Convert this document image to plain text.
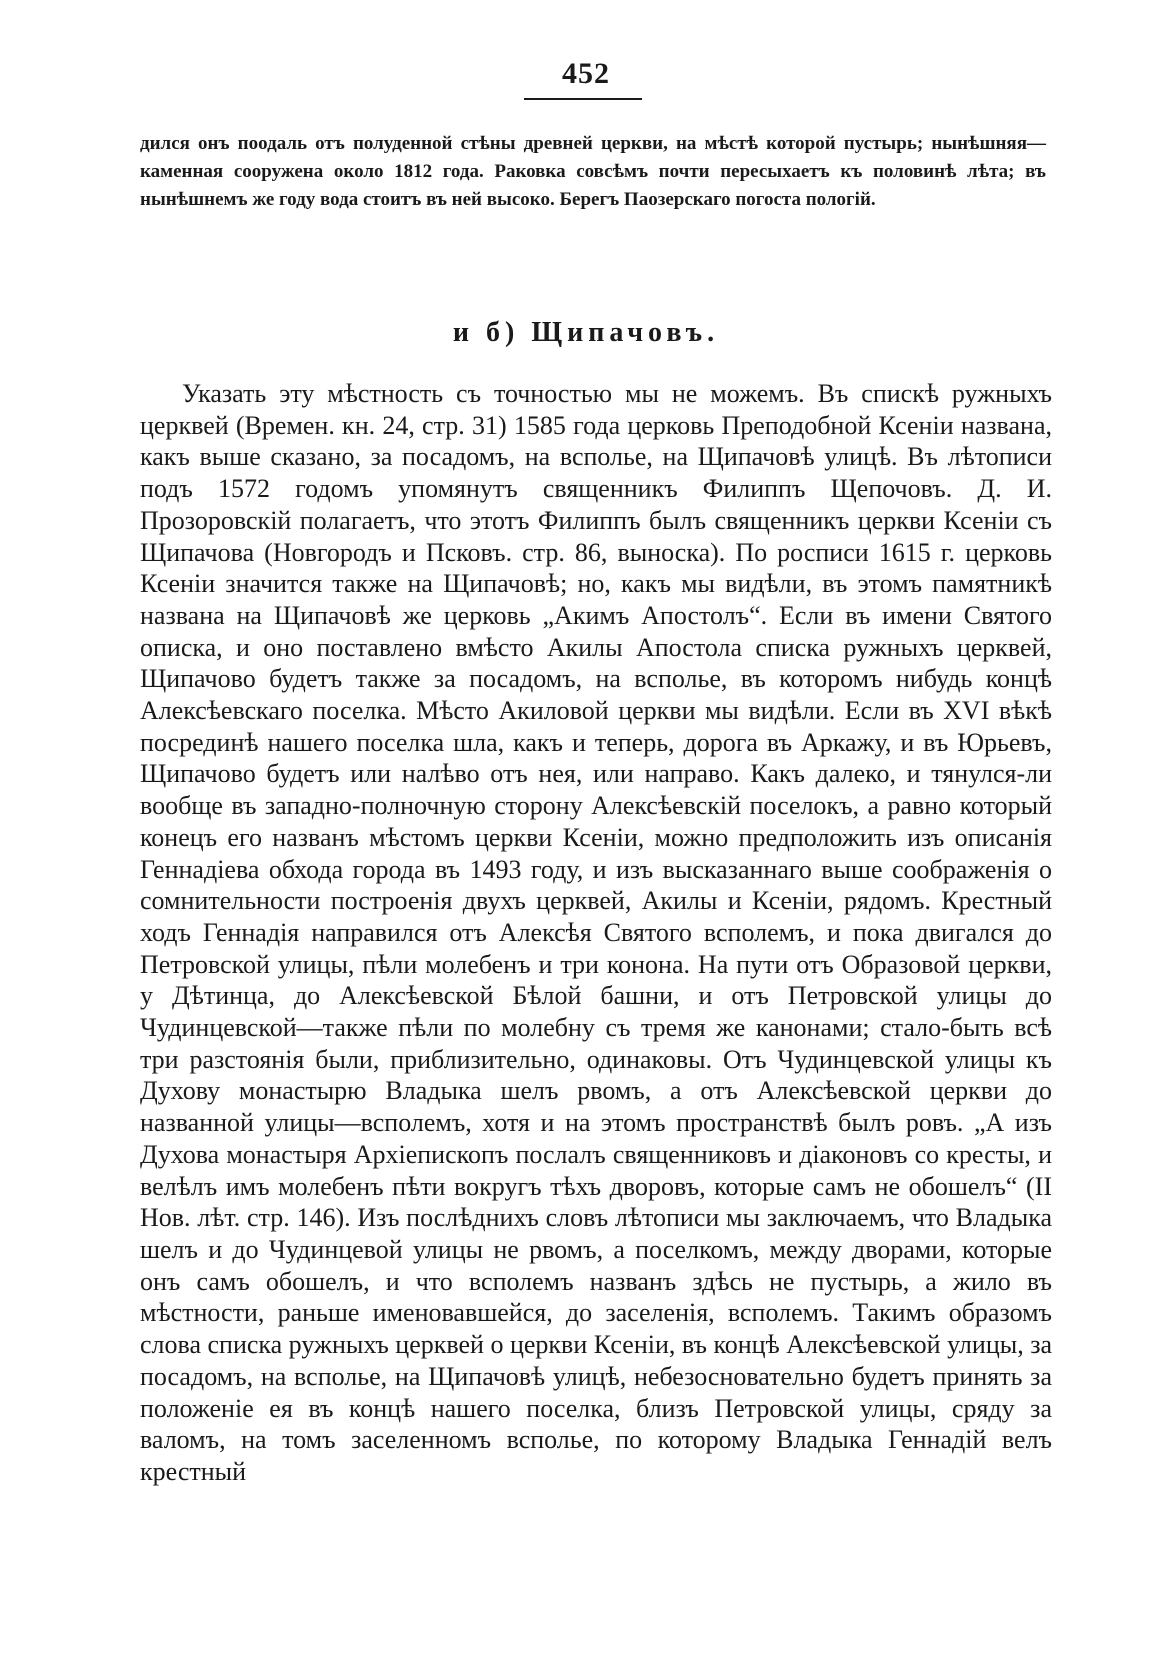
452

дился онъ поодаль отъ полуденной стѣны древней церкви, на мѣстѣ которой пустырь; нынѣшняя—каменная сооружена около 1812 года. Раковка совсѣмъ почти пересыхаетъ къ половинѣ лѣта; въ нынѣшнемъ же году вода стоитъ въ ней высоко. Берегъ Паозерскаго погоста пологій.

и б) Щипачовъ.

Указать эту мѣстность съ точностью мы не можемъ. Въ спискѣ ружныхъ церквей (Времен. кн. 24, стр. 31) 1585 года церковь Преподобной Ксеніи названа, какъ выше сказано, за посадомъ, на всполье, на Щипачовѣ улицѣ. Въ лѣтописи подъ 1572 годомъ упомянутъ священникъ Филиппъ Щепочовъ. Д. И. Прозоровскій полагаетъ, что этотъ Филиппъ былъ священникъ церкви Ксеніи съ Щипачова (Новгородъ и Псковъ. стр. 86, выноска). По росписи 1615 г. церковь Ксеніи значится также на Щипачовѣ; но, какъ мы видѣли, въ этомъ памятникѣ названа на Щипачовѣ же церковь „Акимъ Апостолъ“. Если въ имени Святого описка, и оно поставлено вмѣсто Акилы Апостола списка ружныхъ церквей, Щипачово будетъ также за посадомъ, на всполье, въ которомъ нибудь концѣ Алексѣевскаго поселка. Мѣсто Акиловой церкви мы видѣли. Если въ XVI вѣкѣ посрединѣ нашего поселка шла, какъ и теперь, дорога въ Аркажу, и въ Юрьевъ, Щипачово будетъ или налѣво отъ нея, или направо. Какъ далеко, и тянулся-ли вообще въ западно-полночную сторону Алексѣевскій поселокъ, а равно который конецъ его названъ мѣстомъ церкви Ксеніи, можно предположить изъ описанія Геннадіева обхода города въ 1493 году, и изъ высказаннаго выше соображенія о сомнительности построенія двухъ церквей, Акилы и Ксеніи, рядомъ. Крестный ходъ Геннадія направился отъ Алексѣя Святого всполемъ, и пока двигался до Петровской улицы, пѣли молебенъ и три конона. На пути отъ Образовой церкви, у Дѣтинца, до Алексѣевской Бѣлой башни, и отъ Петровской улицы до Чудинцевской—также пѣли по молебну съ тремя же канонами; стало-быть всѣ три разстоянія были, приблизительно, одинаковы. Отъ Чудинцевской улицы къ Духову монастырю Владыка шелъ рвомъ, а отъ Алексѣевской церкви до названной улицы—всполемъ, хотя и на этомъ пространствѣ былъ ровъ. „А изъ Духова монастыря Архіепископъ послалъ священниковъ и діаконовъ со кресты, и велѣлъ имъ молебенъ пѣти вокругъ тѣхъ дворовъ, которые самъ не обошелъ“ (II Нов. лѣт. стр. 146). Изъ послѣднихъ словъ лѣтописи мы заключаемъ, что Владыка шелъ и до Чудинцевой улицы не рвомъ, а поселкомъ, между дворами, которые онъ самъ обошелъ, и что всполемъ названъ здѣсь не пустырь, а жило въ мѣстности, раньше именовавшейся, до заселенія, всполемъ. Такимъ образомъ слова списка ружныхъ церквей о церкви Ксеніи, въ концѣ Алексѣевской улицы, за посадомъ, на всполье, на Щипачовѣ улицѣ, небезосновательно будетъ принять за положеніе ея въ концѣ нашего поселка, близъ Петровской улицы, сряду за валомъ, на томъ заселенномъ всполье, по которому Владыка Геннадій велъ крестный
